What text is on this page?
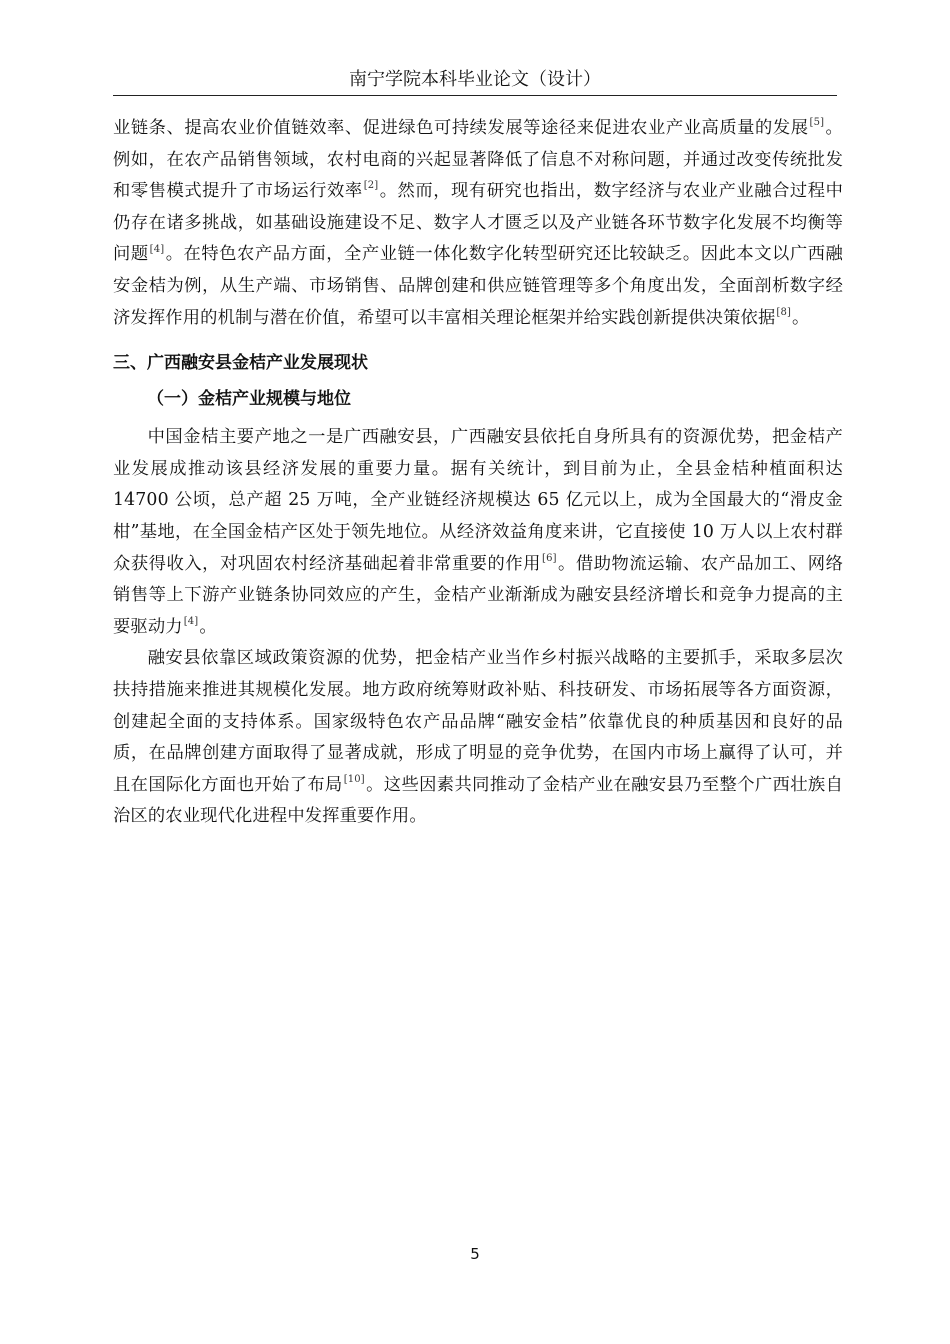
南宁学院本科毕业论文（设计）

业链条、提高农业价值链效率、促进绿色可持续发展等途径来促进农业产业高质量的发展[5]。例如，在农产品销售领域，农村电商的兴起显著降低了信息不对称问题，并通过改变传统批发和零售模式提升了市场运行效率[2]。然而，现有研究也指出，数字经济与农业产业融合过程中仍存在诸多挑战，如基础设施建设不足、数字人才匮乏以及产业链各环节数字化发展不均衡等问题[4]。在特色农产品方面，全产业链一体化数字化转型研究还比较缺乏。因此本文以广西融安金桔为例，从生产端、市场销售、品牌创建和供应链管理等多个角度出发，全面剖析数字经济发挥作用的机制与潜在价值，希望可以丰富相关理论框架并给实践创新提供决策依据[8]。

三、广西融安县金桔产业发展现状
（一）金桔产业规模与地位

中国金桔主要产地之一是广西融安县，广西融安县依托自身所具有的资源优势，把金桔产业发展成推动该县经济发展的重要力量。据有关统计，到目前为止，全县金桔种植面积达 14700 公顷，总产超 25 万吨，全产业链经济规模达 65 亿元以上，成为全国最大的“滑皮金柑”基地，在全国金桔产区处于领先地位。从经济效益角度来讲，它直接使 10 万人以上农村群众获得收入，对巩固农村经济基础起着非常重要的作用[6]。借助物流运输、农产品加工、网络销售等上下游产业链条协同效应的产生，金桔产业渐渐成为融安县经济增长和竞争力提高的主要驱动力[4]。

融安县依靠区域政策资源的优势，把金桔产业当作乡村振兴战略的主要抓手，采取多层次扶持措施来推进其规模化发展。地方政府统筹财政补贴、科技研发、市场拓展等各方面资源，创建起全面的支持体系。国家级特色农产品品牌“融安金桔”依靠优良的种质基因和良好的品质，在品牌创建方面取得了显著成就，形成了明显的竞争优势，在国内市场上赢得了认可，并且在国际化方面也开始了布局[10]。这些因素共同推动了金桔产业在融安县乃至整个广西壮族自治区的农业现代化进程中发挥重要作用。

5
